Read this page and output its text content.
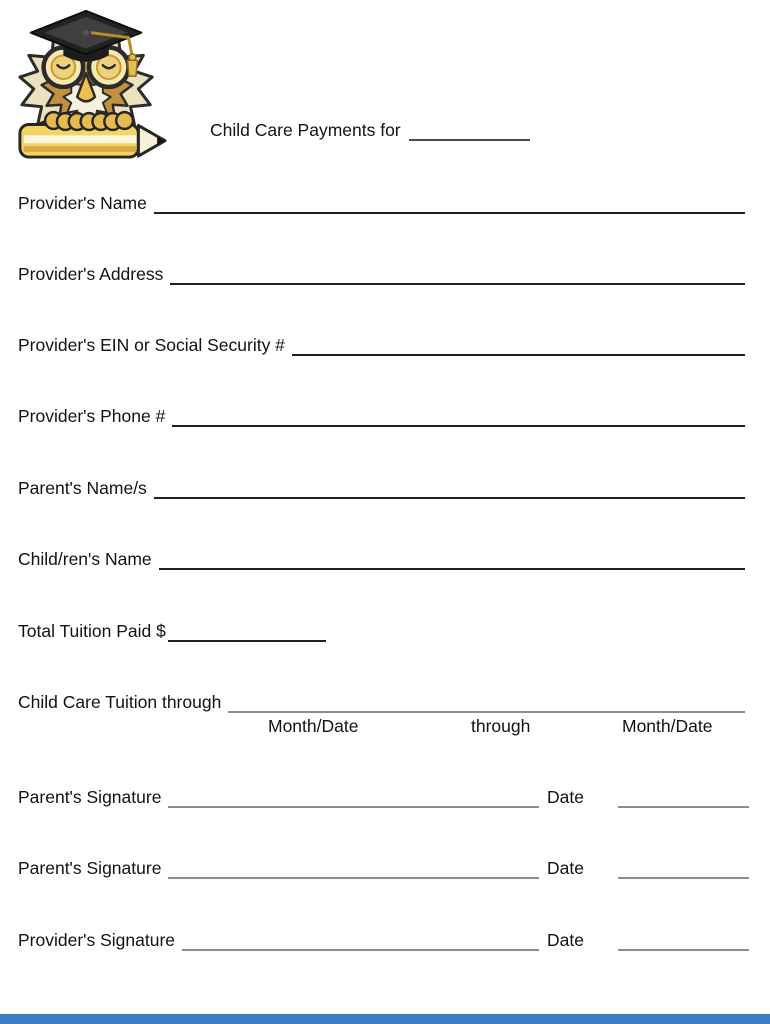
Child Care Payments for
Provider's Name
Provider's Address
Provider's EIN or Social Security #
Provider's Phone #
Parent's Name/s
Child/ren's Name
Total Tuition Paid $
Child Care Tuition through
Month/Date	through	Month/Date
Parent's Signature	Date
Parent's Signature	Date
Provider's Signature	Date
